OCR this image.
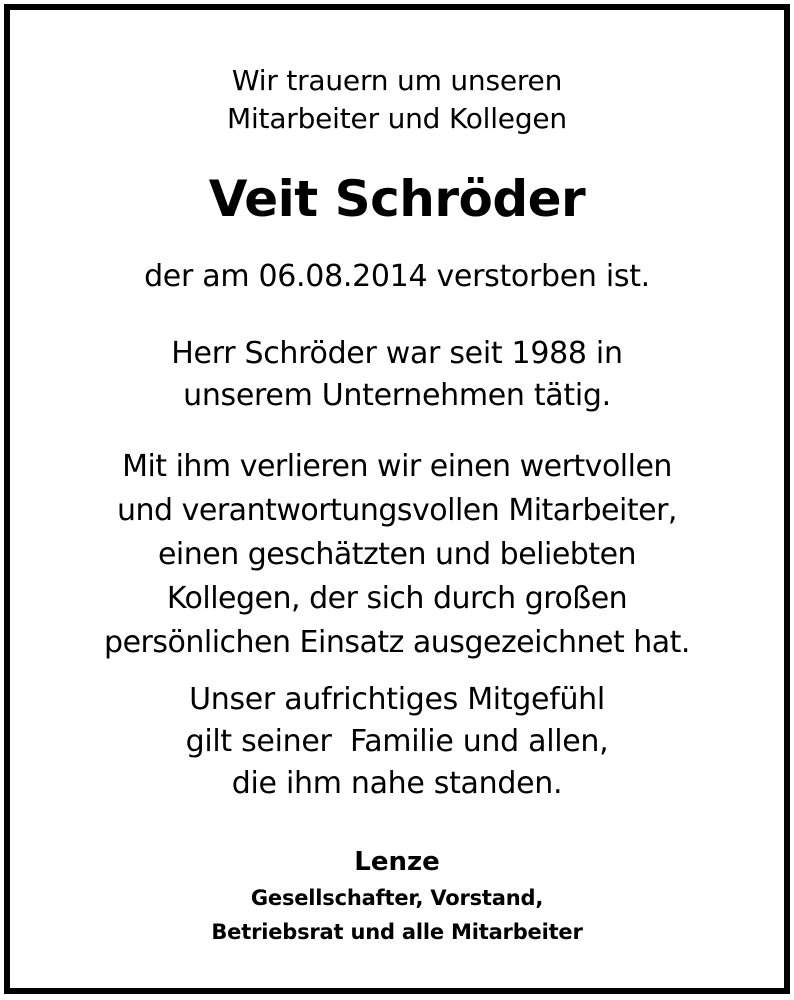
Wir trauern um unseren
Mitarbeiter und Kollegen
Veit Schröder
der am 06.08.2014 verstorben ist.
Herr Schröder war seit 1988 in
unserem Unternehmen tätig.
Mit ihm verlieren wir einen wertvollen
und verantwortungsvollen Mitarbeiter,
einen geschätzten und beliebten
Kollegen, der sich durch großen
persönlichen Einsatz ausgezeichnet hat.
Unser aufrichtiges Mitgefühl
gilt seiner  Familie und allen,
die ihm nahe standen.
Lenze
Gesellschafter, Vorstand,
Betriebsrat und alle Mitarbeiter
